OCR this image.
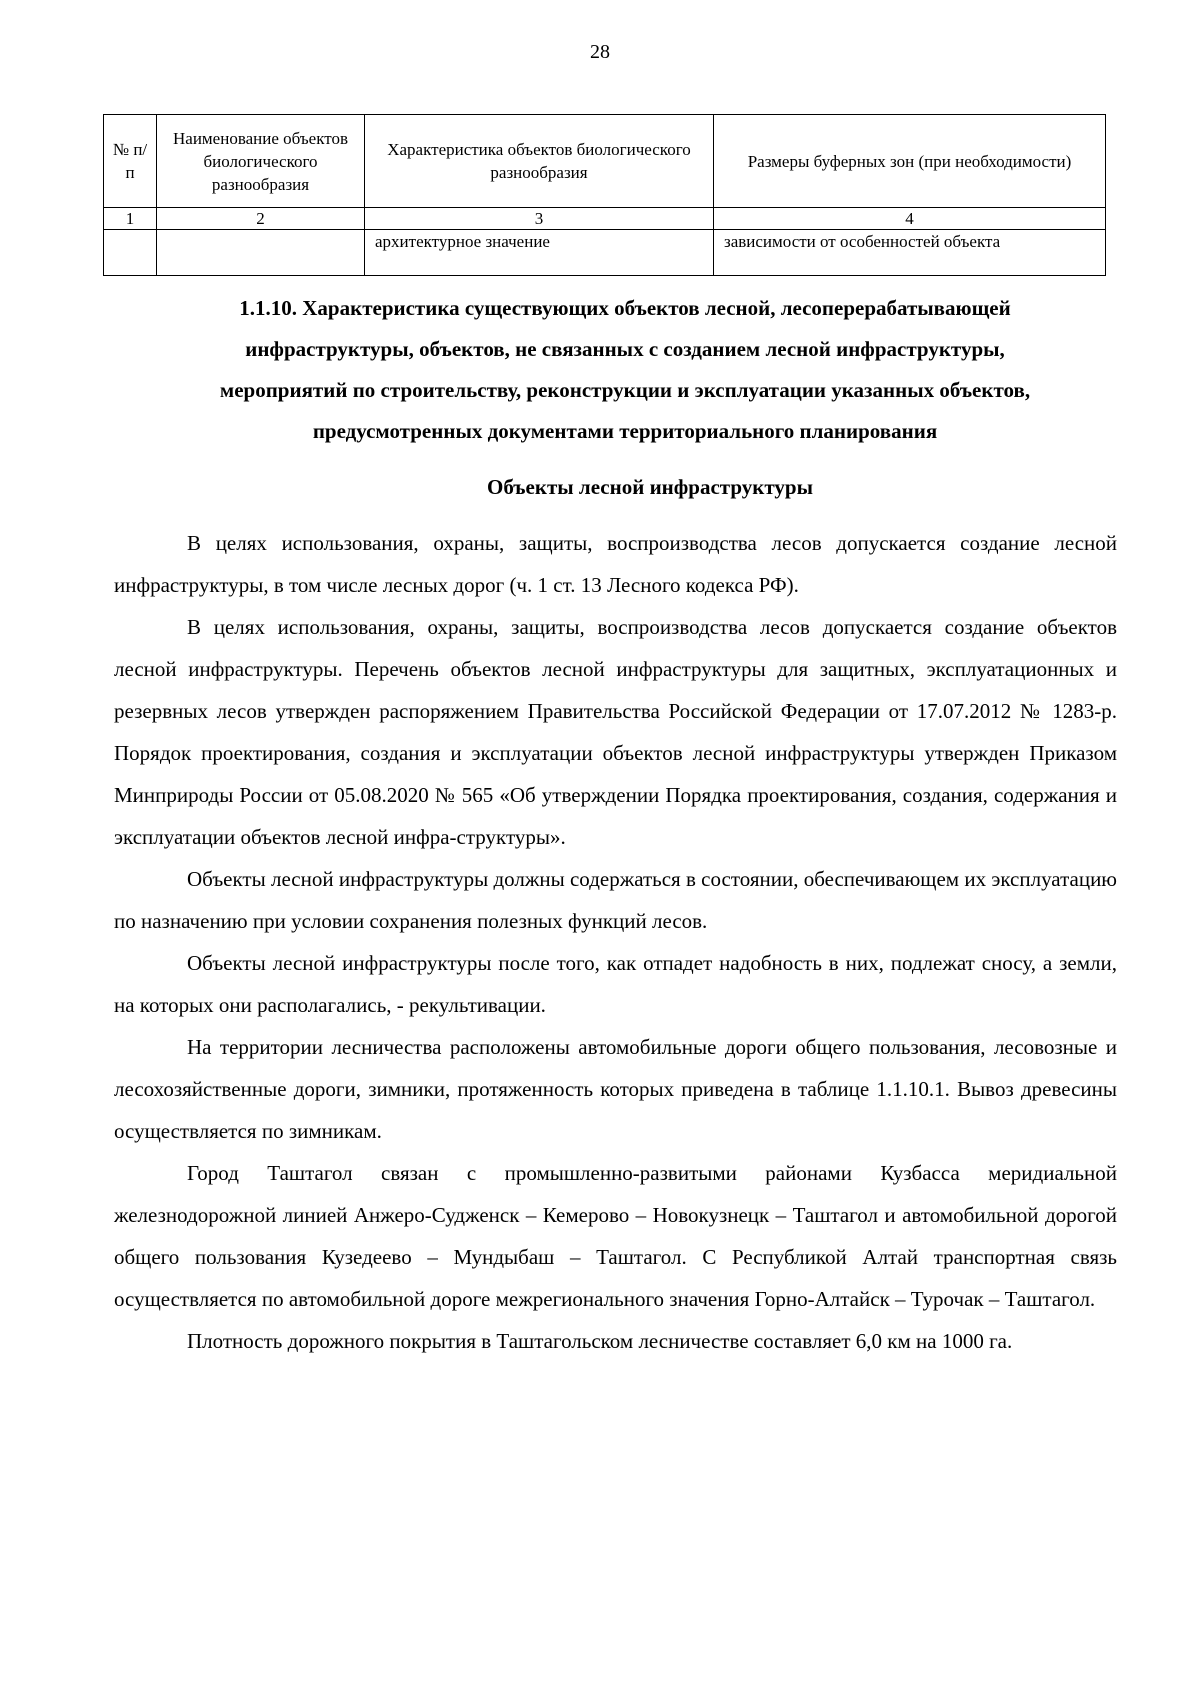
28
№ п/п	Наименование объектов биологического разнообразия	Характеристика объектов биологического разнообразия	Размеры буферных зон (при необходимости)
1	2	3	4
		архитектурное значение	зависимости от особенностей объекта
1.1.10. Характеристика существующих объектов лесной, лесоперерабатывающей
инфраструктуры, объектов, не связанных с созданием лесной инфраструктуры,
мероприятий по строительству, реконструкции и эксплуатации указанных объектов,
предусмотренных документами территориального планирования
Объекты лесной инфраструктуры

В целях использования, охраны, защиты, воспроизводства лесов допускается создание лесной инфраструктуры, в том числе лесных дорог (ч. 1 ст. 13 Лесного кодекса РФ).

В целях использования, охраны, защиты, воспроизводства лесов допускается создание объектов лесной инфраструктуры. Перечень объектов лесной инфраструктуры для защитных, эксплуатационных и резервных лесов утвержден распоряжением Правительства Российской Федерации от 17.07.2012 № 1283-р. Порядок проектирования, создания и эксплуатации объектов лесной инфраструктуры утвержден Приказом Минприроды России от 05.08.2020 № 565 «Об утверждении Порядка проектирования, создания, содержания и эксплуатации объектов лесной инфра-структуры».

Объекты лесной инфраструктуры должны содержаться в состоянии, обеспечивающем их эксплуатацию по назначению при условии сохранения полезных функций лесов.

Объекты лесной инфраструктуры после того, как отпадет надобность в них, подлежат сносу, а земли, на которых они располагались, - рекультивации.

На территории лесничества расположены автомобильные дороги общего пользования, лесовозные и лесохозяйственные дороги, зимники, протяженность которых приведена в таблице 1.1.10.1. Вывоз древесины осуществляется по зимникам.

Город Таштагол связан с промышленно-развитыми районами Кузбасса меридиальной железнодорожной линией Анжеро-Судженск – Кемерово – Новокузнецк – Таштагол и автомобильной дорогой общего пользования Кузедеево – Мундыбаш – Таштагол. С Республикой Алтай транспортная связь осуществляется по автомобильной дороге межрегионального значения Горно-Алтайск – Турочак – Таштагол.

Плотность дорожного покрытия в Таштагольском лесничестве составляет 6,0 км на 1000 га.
